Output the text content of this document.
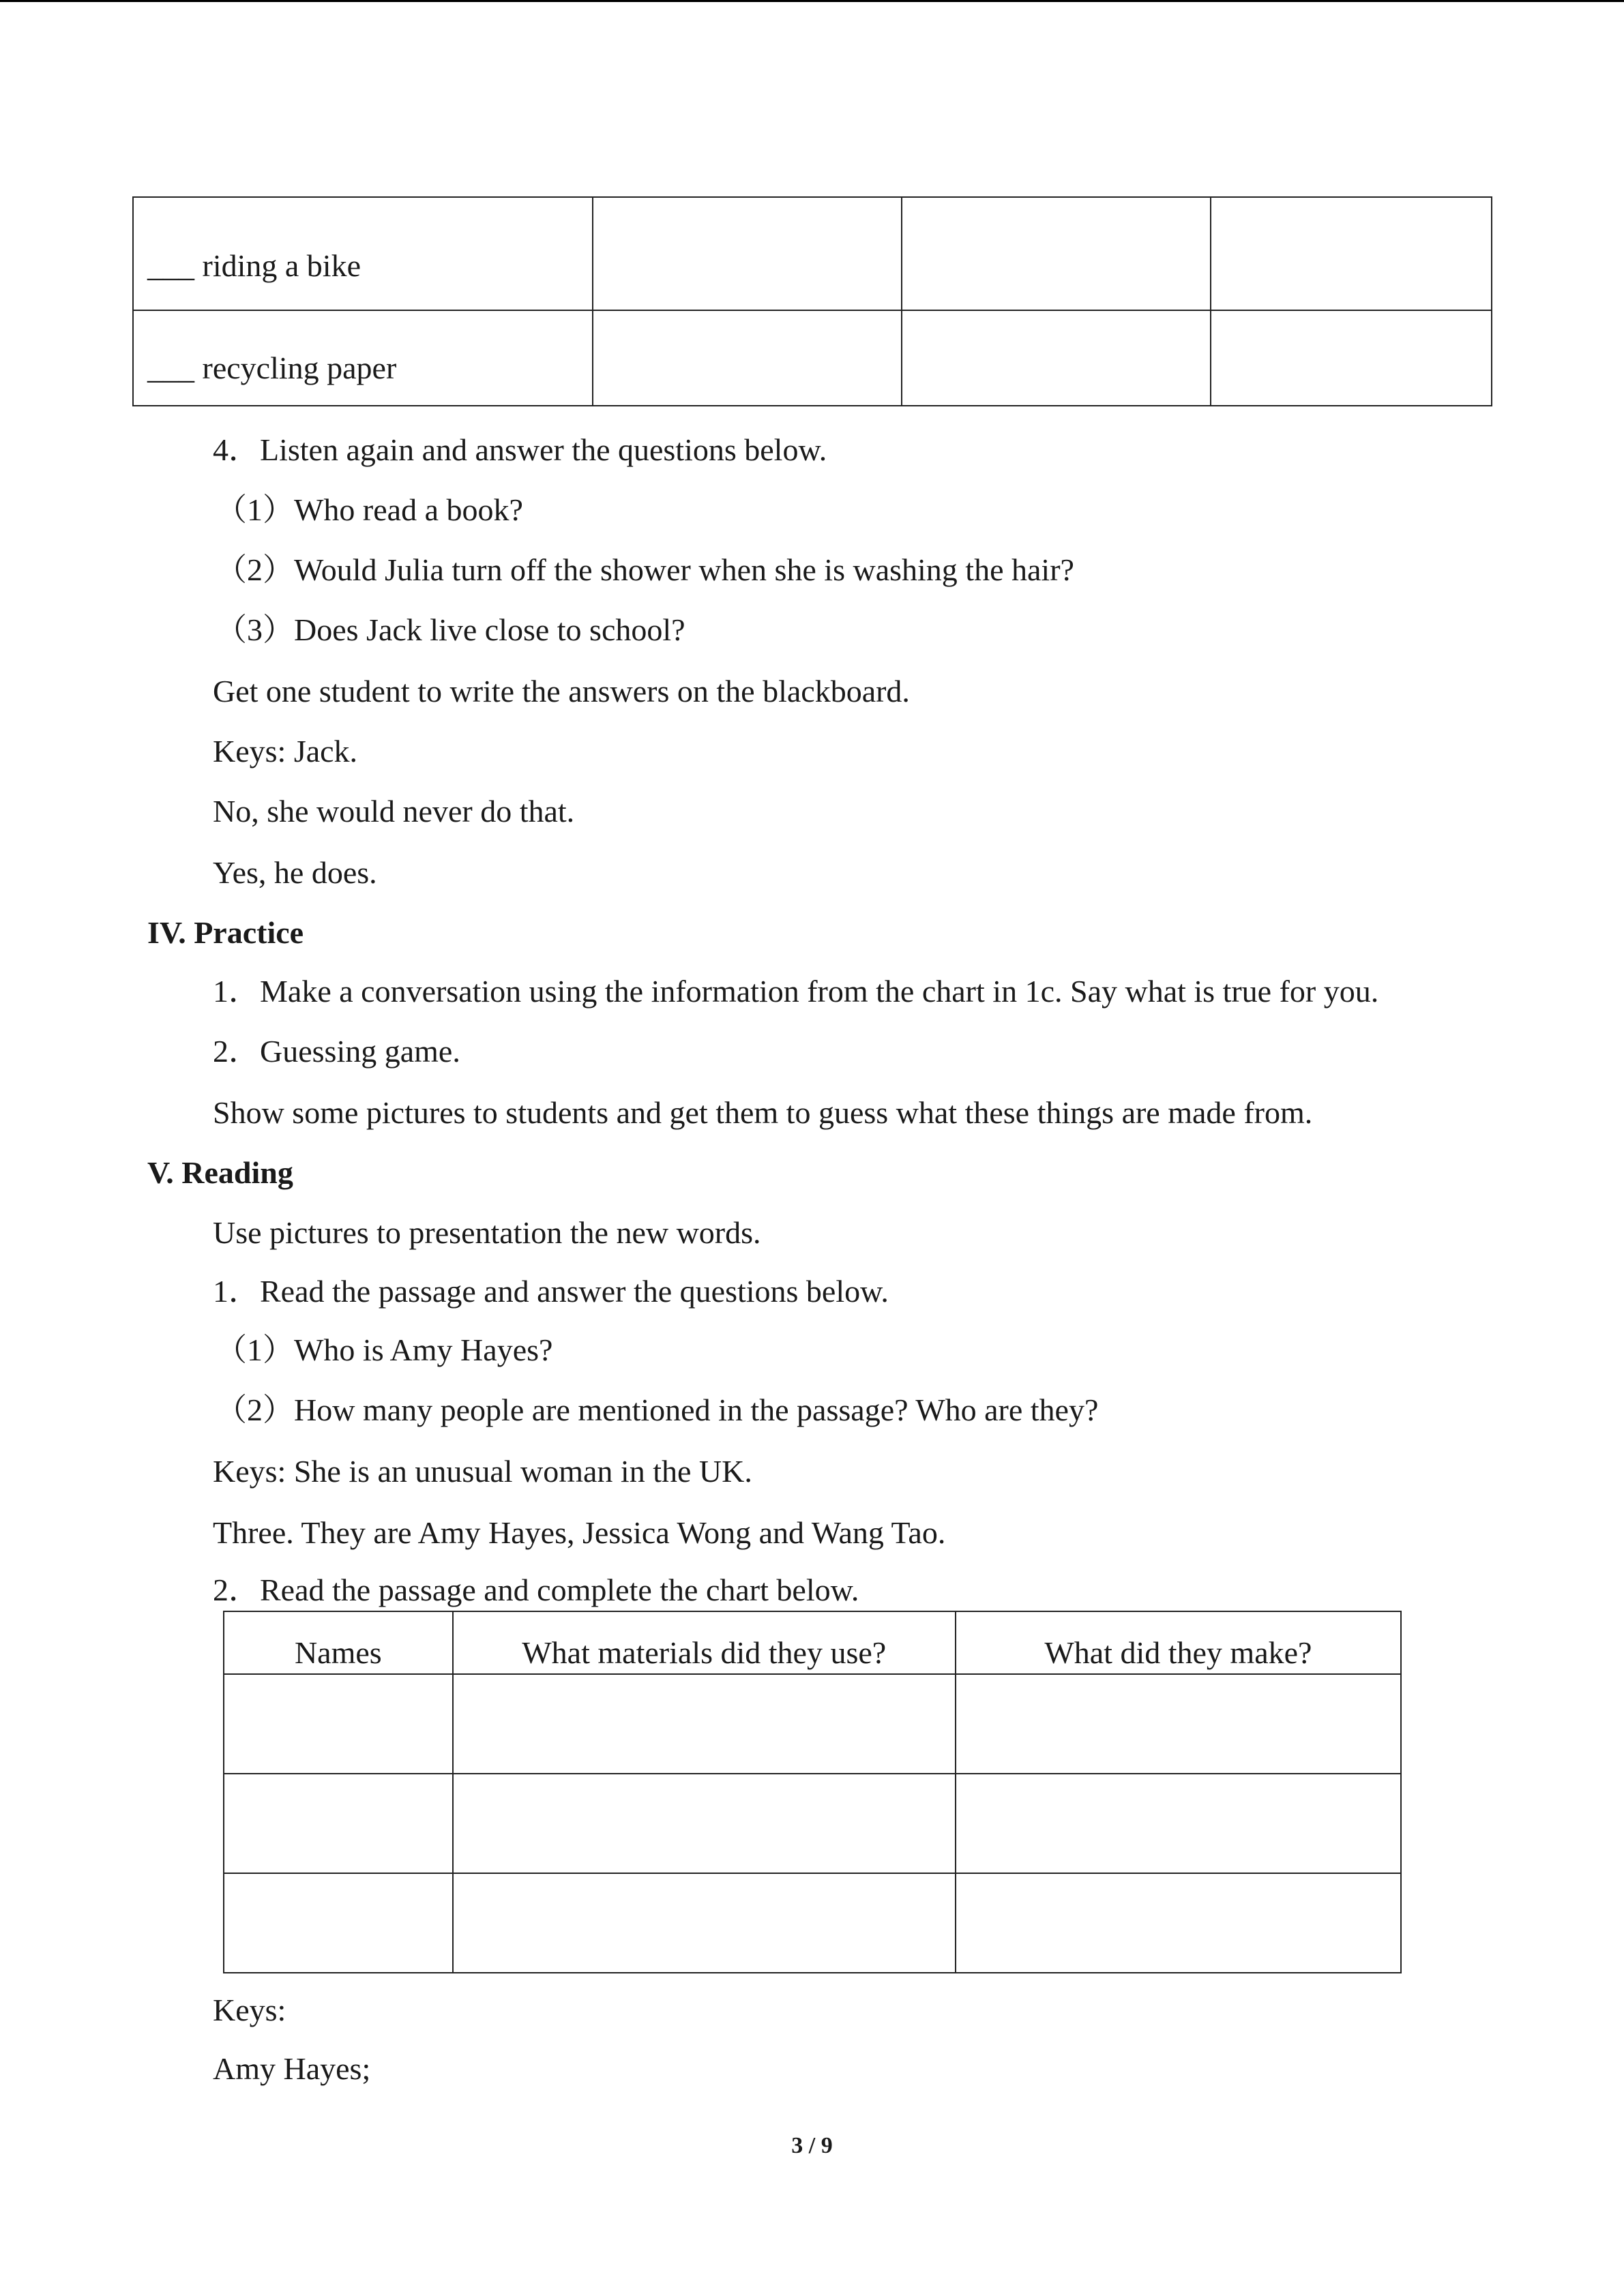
___ riding a bike			
___ recycling paper			
4．Listen again and answer the questions below.
（1）Who read a book?
（2）Would Julia turn off the shower when she is washing the hair?
（3）Does Jack live close to school?
Get one student to write the answers on the blackboard.
Keys: Jack.
No, she would never do that.
Yes, he does.
IV. Practice
1．Make a conversation using the information from the chart in 1c. Say what is true for you.
2．Guessing game.
Show some pictures to students and get them to guess what these things are made from.
V. Reading
Use pictures to presentation the new words.
1．Read the passage and answer the questions below.
（1）Who is Amy Hayes?
（2）How many people are mentioned in the passage? Who are they?
Keys: She is an unusual woman in the UK.
Three. They are Amy Hayes, Jessica Wong and Wang Tao.
2．Read the passage and complete the chart below.
Names	What materials did they use?	What did they make?

Keys:
Amy Hayes;
3 / 9
